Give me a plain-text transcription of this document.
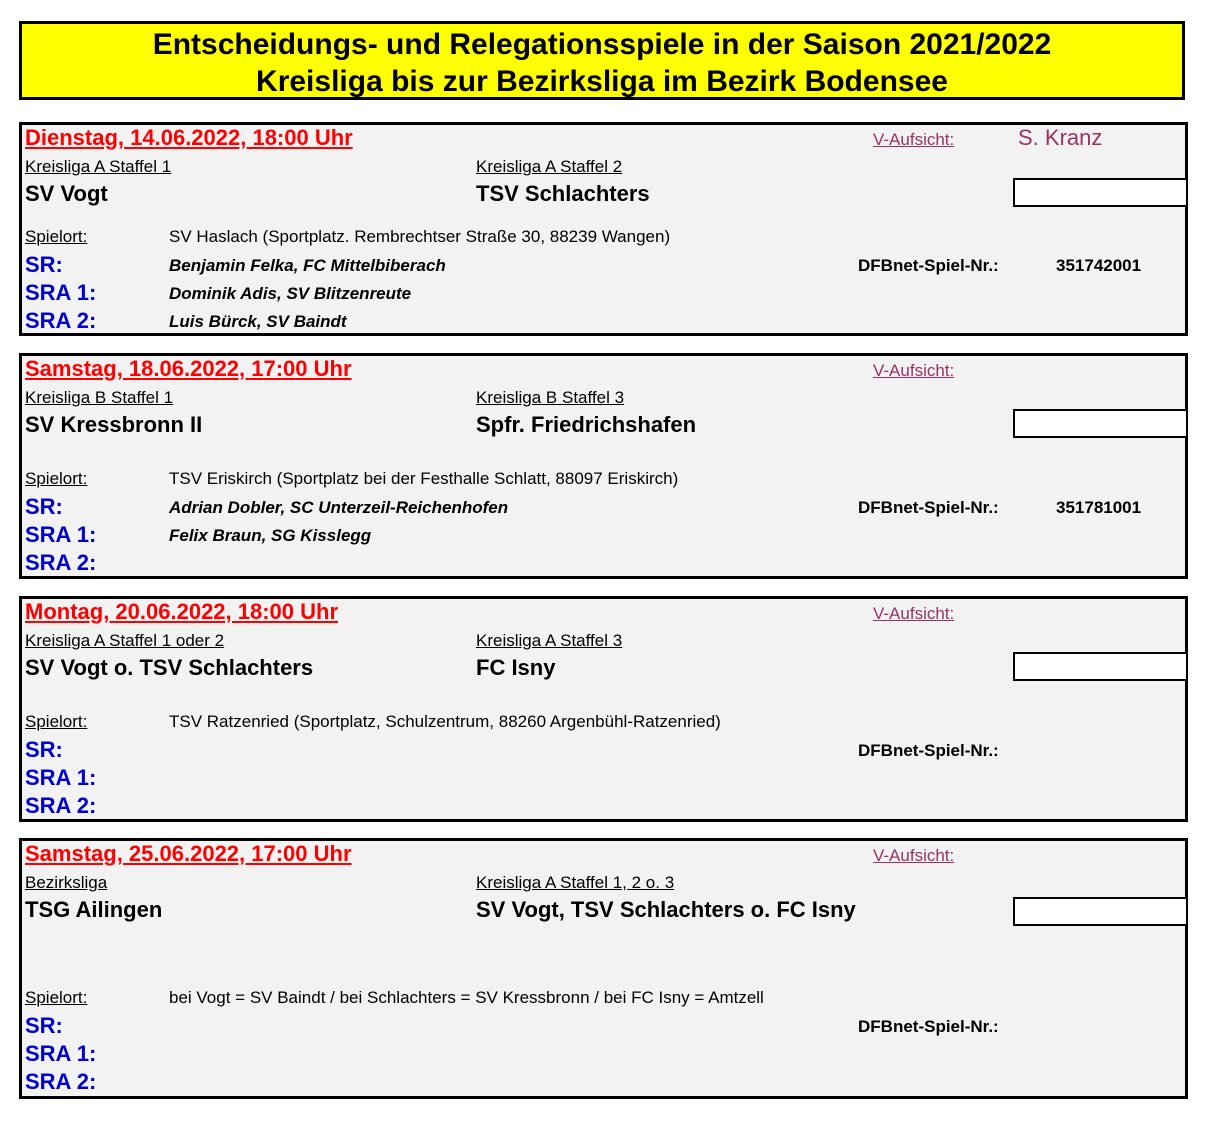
Entscheidungs- und Relegationsspiele in der Saison 2021/2022
Kreisliga bis zur Bezirksliga im Bezirk Bodensee
Dienstag, 14.06.2022, 18:00 Uhr	V-Aufsicht:	S. Kranz
Kreisliga A Staffel 1	Kreisliga A Staffel 2
SV Vogt	TSV Schlachters
Spielort:	SV Haslach (Sportplatz. Rembrechtser Straße 30, 88239 Wangen)
SR:	Benjamin Felka, FC Mittelbiberach	DFBnet-Spiel-Nr.:	351742001
SRA 1:	Dominik Adis, SV Blitzenreute
SRA 2:	Luis Bürck, SV Baindt
Samstag, 18.06.2022, 17:00 Uhr	V-Aufsicht:
Kreisliga B Staffel 1	Kreisliga B Staffel 3
SV Kressbronn II	Spfr. Friedrichshafen
Spielort:	TSV Eriskirch (Sportplatz bei der Festhalle Schlatt, 88097 Eriskirch)
SR:	Adrian Dobler, SC Unterzeil-Reichenhofen	DFBnet-Spiel-Nr.:	351781001
SRA 1:	Felix Braun, SG Kisslegg
SRA 2:
Montag, 20.06.2022, 18:00 Uhr	V-Aufsicht:
Kreisliga A Staffel 1 oder 2	Kreisliga A Staffel 3
SV Vogt o. TSV Schlachters	FC Isny
Spielort:	TSV Ratzenried (Sportplatz, Schulzentrum, 88260 Argenbühl-Ratzenried)
SR:	DFBnet-Spiel-Nr.:
SRA 1:
SRA 2:
Samstag, 25.06.2022, 17:00 Uhr	V-Aufsicht:
Bezirksliga	Kreisliga A Staffel 1, 2 o. 3
TSG Ailingen	SV Vogt, TSV Schlachters o. FC Isny
Spielort:	bei Vogt = SV Baindt / bei Schlachters = SV Kressbronn / bei FC Isny = Amtzell
SR:	DFBnet-Spiel-Nr.:
SRA 1:
SRA 2:
